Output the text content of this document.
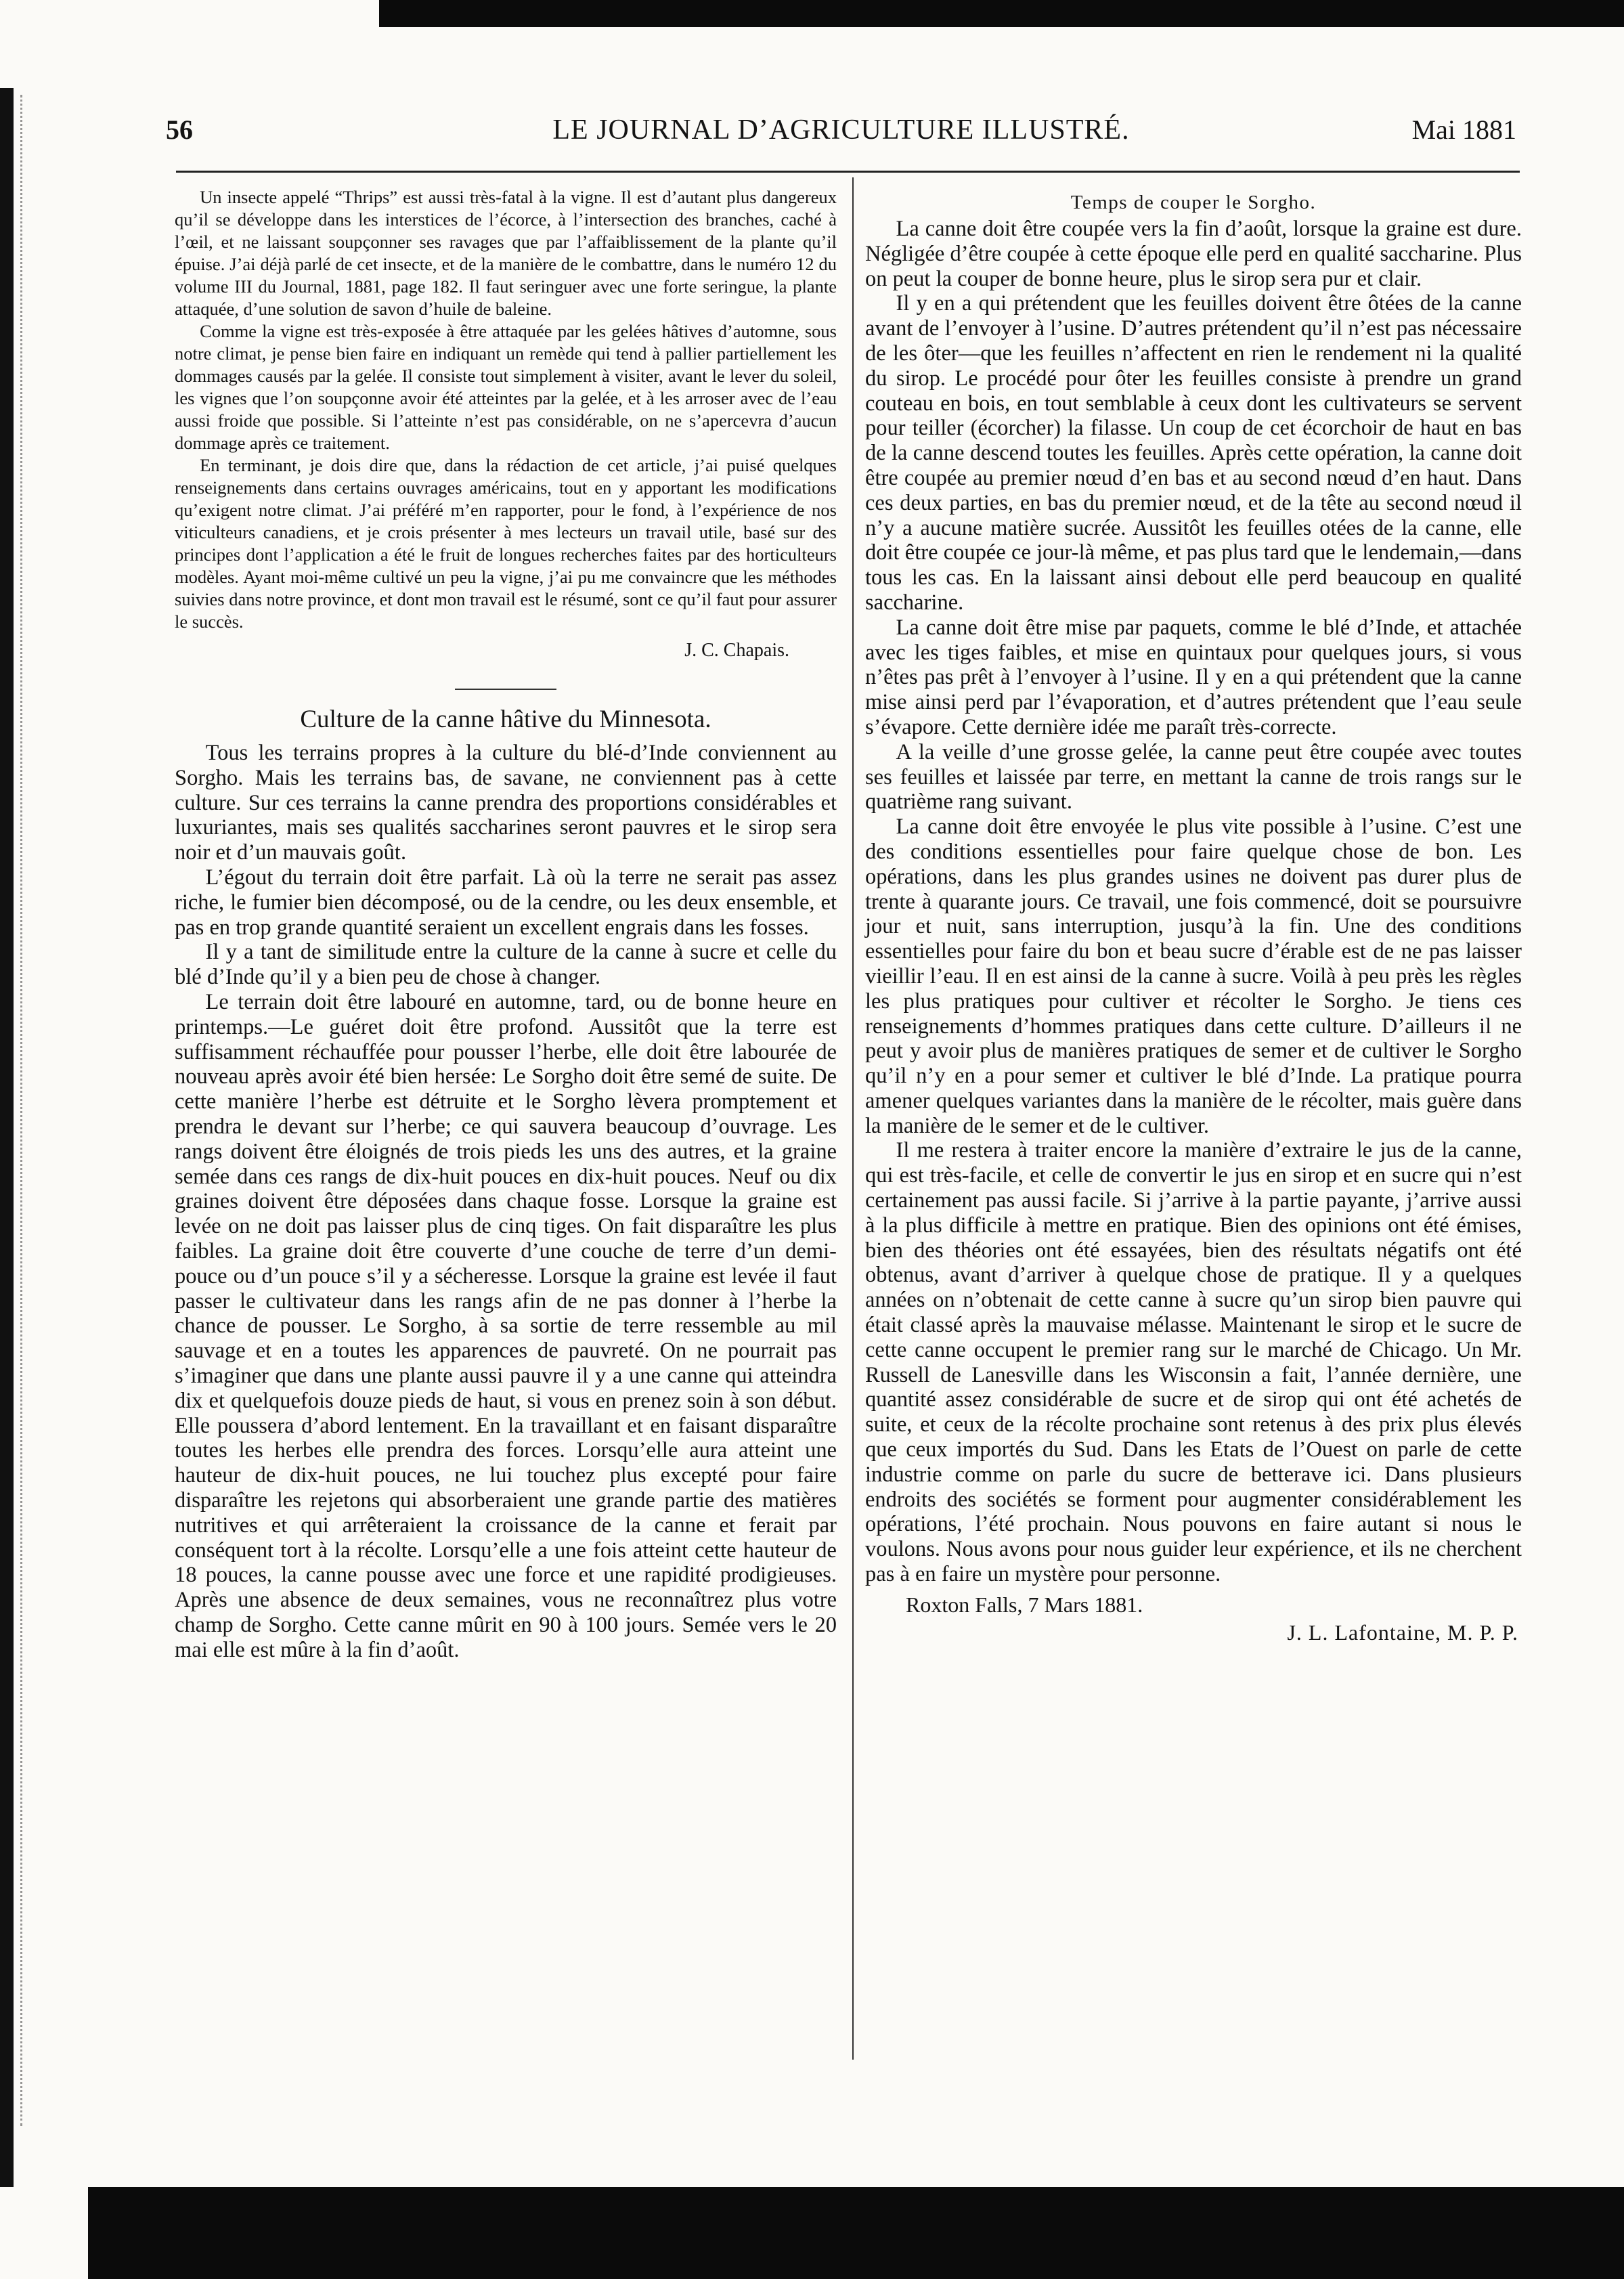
56	LE JOURNAL D’AGRICULTURE ILLUSTRÉ.	Mai 1881

Un insecte appelé “Thrips” est aussi très-fatal à la vigne. Il est d’autant plus dangereux qu’il se développe dans les interstices de l’écorce, à l’intersection des branches, caché à l’œil, et ne laissant soupçonner ses ravages que par l’affaiblissement de la plante qu’il épuise. J’ai déjà parlé de cet insecte, et de la manière de le combattre, dans le numéro 12 du volume III du Journal, 1881, page 182. Il faut seringuer avec une forte seringue, la plante attaquée, d’une solution de savon d’huile de baleine.

Comme la vigne est très-exposée à être attaquée par les gelées hâtives d’automne, sous notre climat, je pense bien faire en indiquant un remède qui tend à pallier partiellement les dommages causés par la gelée. Il consiste tout simplement à visiter, avant le lever du soleil, les vignes que l’on soupçonne avoir été atteintes par la gelée, et à les arroser avec de l’eau aussi froide que possible. Si l’atteinte n’est pas considérable, on ne s’apercevra d’aucun dommage après ce traitement.

En terminant, je dois dire que, dans la rédaction de cet article, j’ai puisé quelques renseignements dans certains ouvrages américains, tout en y apportant les modifications qu’exigent notre climat. J’ai préféré m’en rapporter, pour le fond, à l’expérience de nos viticulteurs canadiens, et je crois présenter à mes lecteurs un travail utile, basé sur des principes dont l’application a été le fruit de longues recherches faites par des horticulteurs modèles. Ayant moi-même cultivé un peu la vigne, j’ai pu me convaincre que les méthodes suivies dans notre province, et dont mon travail est le résumé, sont ce qu’il faut pour assurer le succès.

J. C. Chapais.
Culture de la canne hâtive du Minnesota.

Tous les terrains propres à la culture du blé-d’Inde conviennent au Sorgho. Mais les terrains bas, de savane, ne conviennent pas à cette culture. Sur ces terrains la canne prendra des proportions considérables et luxuriantes, mais ses qualités saccharines seront pauvres et le sirop sera noir et d’un mauvais goût.

L’égout du terrain doit être parfait. Là où la terre ne serait pas assez riche, le fumier bien décomposé, ou de la cendre, ou les deux ensemble, et pas en trop grande quantité seraient un excellent engrais dans les fosses.

Il y a tant de similitude entre la culture de la canne à sucre et celle du blé d’Inde qu’il y a bien peu de chose à changer.

Le terrain doit être labouré en automne, tard, ou de bonne heure en printemps.—Le guéret doit être profond. Aussitôt que la terre est suffisamment réchauffée pour pousser l’herbe, elle doit être labourée de nouveau après avoir été bien hersée: Le Sorgho doit être semé de suite. De cette manière l’herbe est détruite et le Sorgho lèvera promptement et prendra le devant sur l’herbe; ce qui sauvera beaucoup d’ouvrage. Les rangs doivent être éloignés de trois pieds les uns des autres, et la graine semée dans ces rangs de dix-huit pouces en dix-huit pouces. Neuf ou dix graines doivent être déposées dans chaque fosse. Lorsque la graine est levée on ne doit pas laisser plus de cinq tiges. On fait disparaître les plus faibles. La graine doit être couverte d’une couche de terre d’un demi-pouce ou d’un pouce s’il y a sécheresse. Lorsque la graine est levée il faut passer le cultivateur dans les rangs afin de ne pas donner à l’herbe la chance de pousser. Le Sorgho, à sa sortie de terre ressemble au mil sauvage et en a toutes les apparences de pauvreté. On ne pourrait pas s’imaginer que dans une plante aussi pauvre il y a une canne qui atteindra dix et quelquefois douze pieds de haut, si vous en prenez soin à son début. Elle poussera d’abord lentement. En la travaillant et en faisant disparaître toutes les herbes elle prendra des forces. Lorsqu’elle aura atteint une hauteur de dix-huit pouces, ne lui touchez plus excepté pour faire disparaître les rejetons qui absorberaient une grande partie des matières nutritives et qui arrêteraient la croissance de la canne et ferait par conséquent tort à la récolte. Lorsqu’elle a une fois atteint cette hauteur de 18 pouces, la canne pousse avec une force et une rapidité prodigieuses. Après une absence de deux semaines, vous ne reconnaîtrez plus votre champ de Sorgho. Cette canne mûrit en 90 à 100 jours. Semée vers le 20 mai elle est mûre à la fin d’août.

Temps de couper le Sorgho.

La canne doit être coupée vers la fin d’août, lorsque la graine est dure. Négligée d’être coupée à cette époque elle perd en qualité saccharine. Plus on peut la couper de bonne heure, plus le sirop sera pur et clair.

Il y en a qui prétendent que les feuilles doivent être ôtées de la canne avant de l’envoyer à l’usine. D’autres prétendent qu’il n’est pas nécessaire de les ôter—que les feuilles n’affectent en rien le rendement ni la qualité du sirop. Le procédé pour ôter les feuilles consiste à prendre un grand couteau en bois, en tout semblable à ceux dont les cultivateurs se servent pour teiller (écorcher) la filasse. Un coup de cet écorchoir de haut en bas de la canne descend toutes les feuilles. Après cette opération, la canne doit être coupée au premier nœud d’en bas et au second nœud d’en haut. Dans ces deux parties, en bas du premier nœud, et de la tête au second nœud il n’y a aucune matière sucrée. Aussitôt les feuilles otées de la canne, elle doit être coupée ce jour-là même, et pas plus tard que le lendemain,—dans tous les cas. En la laissant ainsi debout elle perd beaucoup en qualité saccharine.

La canne doit être mise par paquets, comme le blé d’Inde, et attachée avec les tiges faibles, et mise en quintaux pour quelques jours, si vous n’êtes pas prêt à l’envoyer à l’usine. Il y en a qui prétendent que la canne mise ainsi perd par l’évaporation, et d’autres prétendent que l’eau seule s’évapore. Cette dernière idée me paraît très-correcte.

A la veille d’une grosse gelée, la canne peut être coupée avec toutes ses feuilles et laissée par terre, en mettant la canne de trois rangs sur le quatrième rang suivant.

La canne doit être envoyée le plus vite possible à l’usine. C’est une des conditions essentielles pour faire quelque chose de bon. Les opérations, dans les plus grandes usines ne doivent pas durer plus de trente à quarante jours. Ce travail, une fois commencé, doit se poursuivre jour et nuit, sans interruption, jusqu’à la fin. Une des conditions essentielles pour faire du bon et beau sucre d’érable est de ne pas laisser vieillir l’eau. Il en est ainsi de la canne à sucre. Voilà à peu près les règles les plus pratiques pour cultiver et récolter le Sorgho. Je tiens ces renseignements d’hommes pratiques dans cette culture. D’ailleurs il ne peut y avoir plus de manières pratiques de semer et de cultiver le Sorgho qu’il n’y en a pour semer et cultiver le blé d’Inde. La pratique pourra amener quelques variantes dans la manière de le récolter, mais guère dans la manière de le semer et de le cultiver.

Il me restera à traiter encore la manière d’extraire le jus de la canne, qui est très-facile, et celle de convertir le jus en sirop et en sucre qui n’est certainement pas aussi facile. Si j’arrive à la partie payante, j’arrive aussi à la plus difficile à mettre en pratique. Bien des opinions ont été émises, bien des théories ont été essayées, bien des résultats négatifs ont été obtenus, avant d’arriver à quelque chose de pratique. Il y a quelques années on n’obtenait de cette canne à sucre qu’un sirop bien pauvre qui était classé après la mauvaise mélasse. Maintenant le sirop et le sucre de cette canne occupent le premier rang sur le marché de Chicago. Un Mr. Russell de Lanesville dans les Wisconsin a fait, l’année dernière, une quantité assez considérable de sucre et de sirop qui ont été achetés de suite, et ceux de la récolte prochaine sont retenus à des prix plus élevés que ceux importés du Sud. Dans les Etats de l’Ouest on parle de cette industrie comme on parle du sucre de betterave ici. Dans plusieurs endroits des sociétés se forment pour augmenter considérablement les opérations, l’été prochain. Nous pouvons en faire autant si nous le voulons. Nous avons pour nous guider leur expérience, et ils ne cherchent pas à en faire un mystère pour personne.

Roxton Falls, 7 Mars 1881.
J. L. Lafontaine, M. P. P.
